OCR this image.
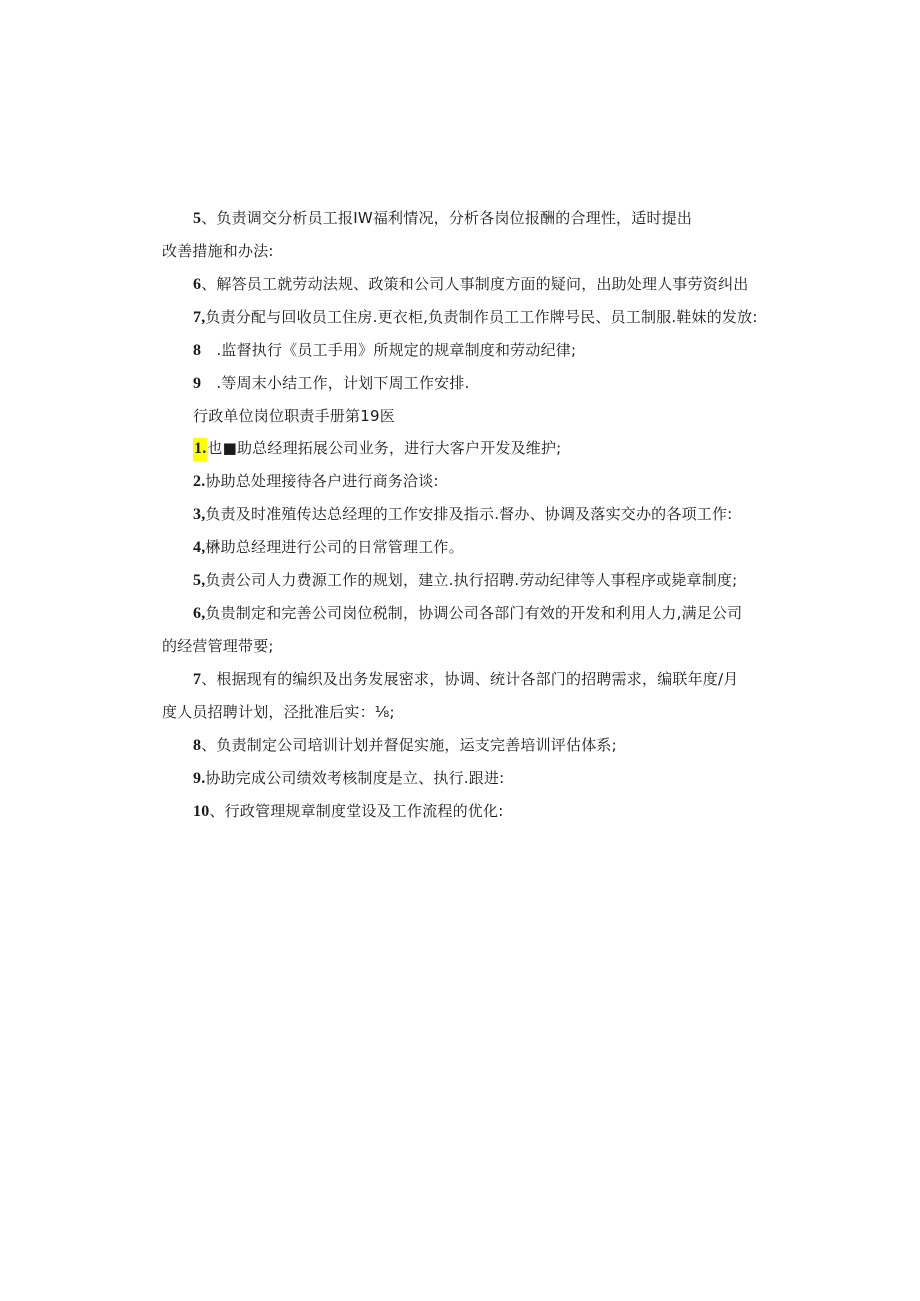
5、负责调交分析员工报IW福利情况，分析各岗位报酬的合理性，适时提出
改善措施和办法:
6、解答员工就劳动法规、政策和公司人事制度方面的疑问，出助处理人事劳资纠出
7,负责分配与回收员工住房.更衣柜,负责制作员工工作牌号民、员工制服.鞋妹的发放:
8　.监督执行《员工手用》所规定的规章制度和劳动纪律;
9　.等周末小结工作，计划下周工作安排.
行政单位岗位职责手册第19医
1.也■助总经理拓展公司业务，进行大客户开发及维护;
2.协助总处理接待各户进行商务洽谈:
3,负责及时准殖传达总经理的工作安排及指示.督办、协调及落实交办的各项工作:
4,楙助总经理进行公司的日常管理工作。
5,负责公司人力费源工作的规划，建立.执行招聘.劳动纪律等人事程序或毙章制度;
6,负贵制定和完善公司岗位税制，协调公司各部门有效的开发和利用人力,满足公司
的经营管理带要;
7、根据现有的编织及出务发展密求，协调、统计各部门的招聘需求，编联年度/月
度人员招聘计划，泾批准后实：⅛;
8、负责制定公司培训计划并督促实施，运支完善培训评估体系;
9.协助完成公司绩效考核制度是立、执行.跟进:
10、行政管理规章制度堂设及工作流程的优化:
